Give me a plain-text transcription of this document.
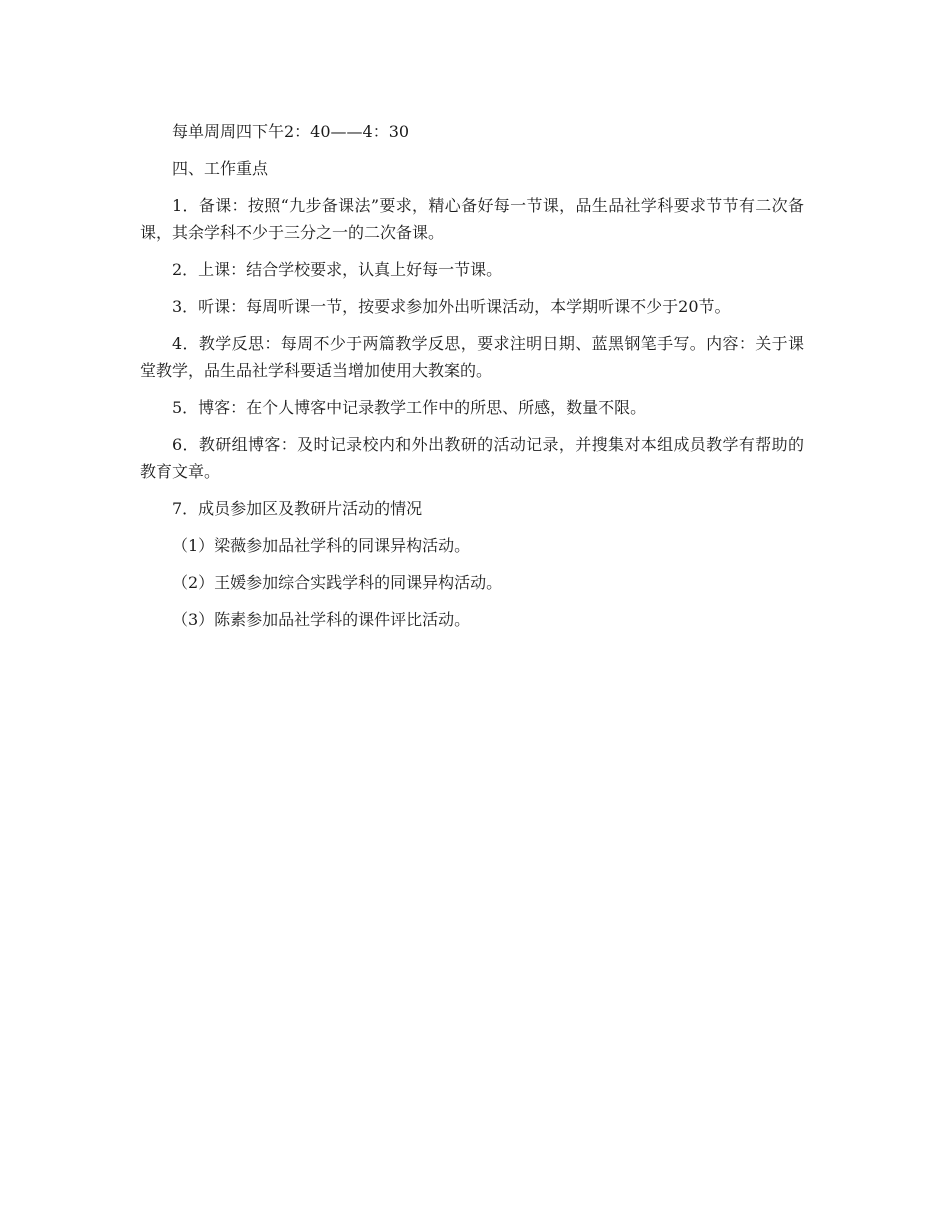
每单周周四下午2：40——4：30

四、工作重点

1．备课：按照“九步备课法”要求，精心备好每一节课，品生品社学科要求节节有二次备课，其余学科不少于三分之一的二次备课。

2．上课：结合学校要求，认真上好每一节课。

3．听课：每周听课一节，按要求参加外出听课活动，本学期听课不少于20节。

4．教学反思：每周不少于两篇教学反思，要求注明日期、蓝黑钢笔手写。内容：关于课堂教学，品生品社学科要适当增加使用大教案的。

5．博客：在个人博客中记录教学工作中的所思、所感，数量不限。

6．教研组博客：及时记录校内和外出教研的活动记录，并搜集对本组成员教学有帮助的教育文章。

7．成员参加区及教研片活动的情况

（1）梁薇参加品社学科的同课异构活动。

（2）王媛参加综合实践学科的同课异构活动。

（3）陈素参加品社学科的课件评比活动。
